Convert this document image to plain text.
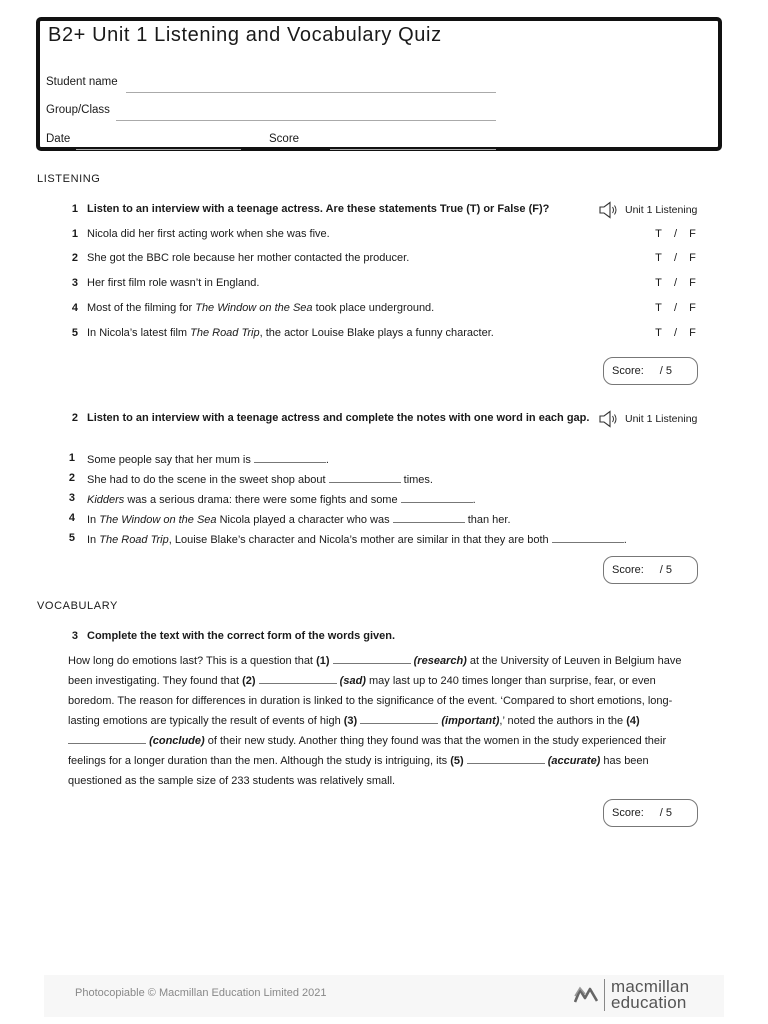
B2+ Unit 1 Listening and Vocabulary Quiz
Student name
Group/Class
Date	Score
LISTENING
1 Listen to an interview with a teenage actress. Are these statements True (T) or False (F)?	Unit 1 Listening
1 Nicola did her first acting work when she was five.	T / F
2 She got the BBC role because her mother contacted the producer.	T / F
3 Her first film role wasn’t in England.	T / F
4 Most of the filming for The Window on the Sea took place underground.	T / F
5 In Nicola’s latest film The Road Trip, the actor Louise Blake plays a funny character.	T / F
Score: / 5
2 Listen to an interview with a teenage actress and complete the notes with one word in each gap.	Unit 1 Listening
1 Some people say that her mum is	.
2 She had to do the scene in the sweet shop about	times.
3 Kidders was a serious drama: there were some fights and some	.
4 In The Window on the Sea Nicola played a character who was	than her.
5 In The Road Trip, Louise Blake’s character and Nicola’s mother are similar in that they are both	.
Score: / 5
VOCABULARY
3 Complete the text with the correct form of the words given.
How long do emotions last? This is a question that (1)	(research) at the University of Leuven in Belgium have been investigating. They found that (2)	(sad) may last up to 240 times longer than surprise, fear, or even boredom. The reason for differences in duration is linked to the significance of the event. ‘Compared to short emotions, long-lasting emotions are typically the result of events of high (3)	(important),’ noted the authors in the (4)  (conclude) of their new study. Another thing they found was that the women in the study experienced their feelings for a longer duration than the men. Although the study is intriguing, its (5)	(accurate) has been questioned as the sample size of 233 students was relatively small.
Score: / 5
Photocopiable © Macmillan Education Limited 2021	macmillan
education
